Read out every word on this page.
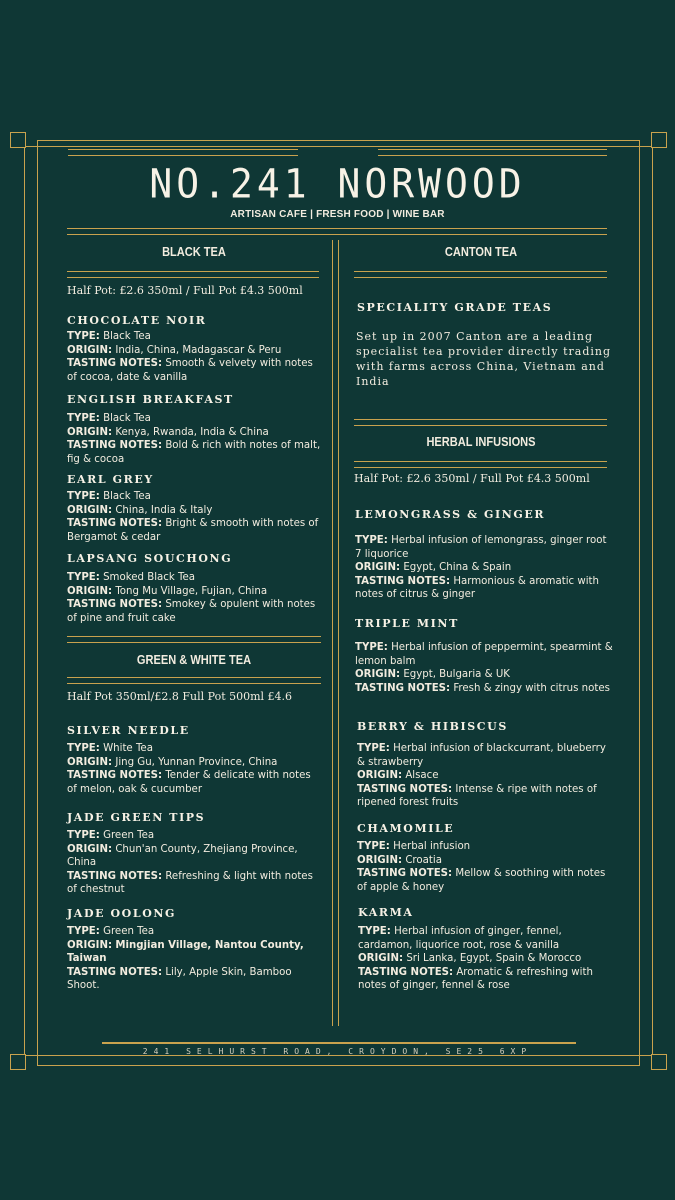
NO.241 NORWOOD
ARTISAN CAFE | FRESH FOOD | WINE BAR
BLACK TEA
Half Pot: £2.6 350ml / Full Pot £4.3 500ml
CHOCOLATE NOIR
TYPE: Black Tea
ORIGIN: India, China, Madagascar & Peru
TASTING NOTES: Smooth & velvety with notes of cocoa, date & vanilla
ENGLISH BREAKFAST
TYPE: Black Tea
ORIGIN: Kenya, Rwanda, India & China
TASTING NOTES: Bold & rich with notes of malt, fig & cocoa
EARL GREY
TYPE: Black Tea
ORIGIN: China, India & Italy
TASTING NOTES: Bright & smooth with notes of Bergamot & cedar
LAPSANG SOUCHONG
TYPE: Smoked Black Tea
ORIGIN: Tong Mu Village, Fujian, China
TASTING NOTES: Smokey & opulent with notes of pine and fruit cake
GREEN & WHITE TEA
Half Pot 350ml/£2.8 Full Pot 500ml £4.6
SILVER NEEDLE
TYPE: White Tea
ORIGIN: Jing Gu, Yunnan Province, China
TASTING NOTES: Tender & delicate with notes of melon, oak & cucumber
JADE GREEN TIPS
TYPE: Green Tea
ORIGIN: Chun'an County, Zhejiang Province, China
TASTING NOTES: Refreshing & light with notes of chestnut
JADE OOLONG
TYPE: Green Tea
ORIGIN: Mingjian Village, Nantou County, Taiwan
TASTING NOTES: Lily, Apple Skin, Bamboo Shoot.
CANTON TEA
SPECIALITY GRADE TEAS
Set up in 2007 Canton are a leading specialist tea provider directly trading with farms across China, Vietnam and India
HERBAL INFUSIONS
Half Pot: £2.6 350ml / Full Pot £4.3 500ml
LEMONGRASS & GINGER
TYPE: Herbal infusion of lemongrass, ginger root 7 liquorice
ORIGIN: Egypt, China & Spain
TASTING NOTES: Harmonious & aromatic with notes of citrus & ginger
TRIPLE MINT
TYPE: Herbal infusion of peppermint, spearmint & lemon balm
ORIGIN: Egypt, Bulgaria & UK
TASTING NOTES: Fresh & zingy with citrus notes
BERRY & HIBISCUS
TYPE: Herbal infusion of blackcurrant, blueberry & strawberry
ORIGIN: Alsace
TASTING NOTES: Intense & ripe with notes of ripened forest fruits
CHAMOMILE
TYPE: Herbal infusion
ORIGIN: Croatia
TASTING NOTES: Mellow & soothing with notes of apple & honey
KARMA
TYPE: Herbal infusion of ginger, fennel, cardamon, liquorice root, rose & vanilla
ORIGIN: Sri Lanka, Egypt, Spain & Morocco
TASTING NOTES: Aromatic & refreshing with notes of ginger, fennel & rose
241 SELHURST ROAD, CROYDON, SE25 6XP
